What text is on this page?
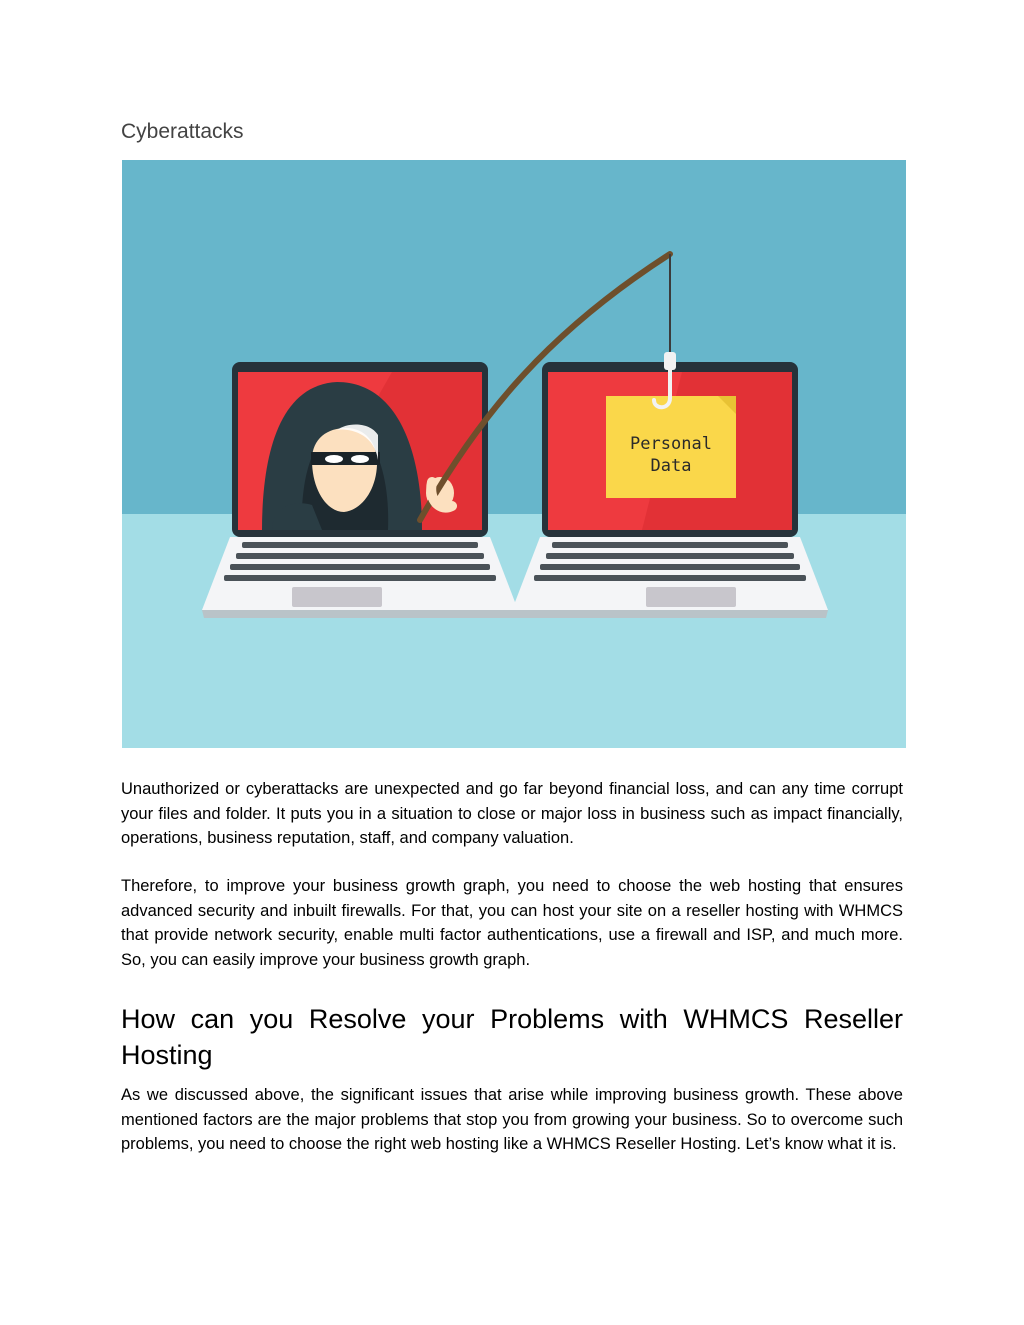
Cyberattacks
Personal
Data

Unauthorized or cyberattacks are unexpected and go far beyond financial loss, and can any time corrupt your files and folder. It puts you in a situation to close or major loss in business such as impact financially, operations, business reputation, staff, and company valuation.

Therefore, to improve your business growth graph, you need to choose the web hosting that ensures advanced security and inbuilt firewalls. For that, you can host your site on a reseller hosting with WHMCS that provide network security, enable multi factor authentications, use a firewall and ISP, and much more. So, you can easily improve your business growth graph.

How can you Resolve your Problems with WHMCS Reseller Hosting

As we discussed above, the significant issues that arise while improving business growth. These above mentioned factors are the major problems that stop you from growing your business. So to overcome such problems, you need to choose the right web hosting like a WHMCS Reseller Hosting. Let’s know what it is.
